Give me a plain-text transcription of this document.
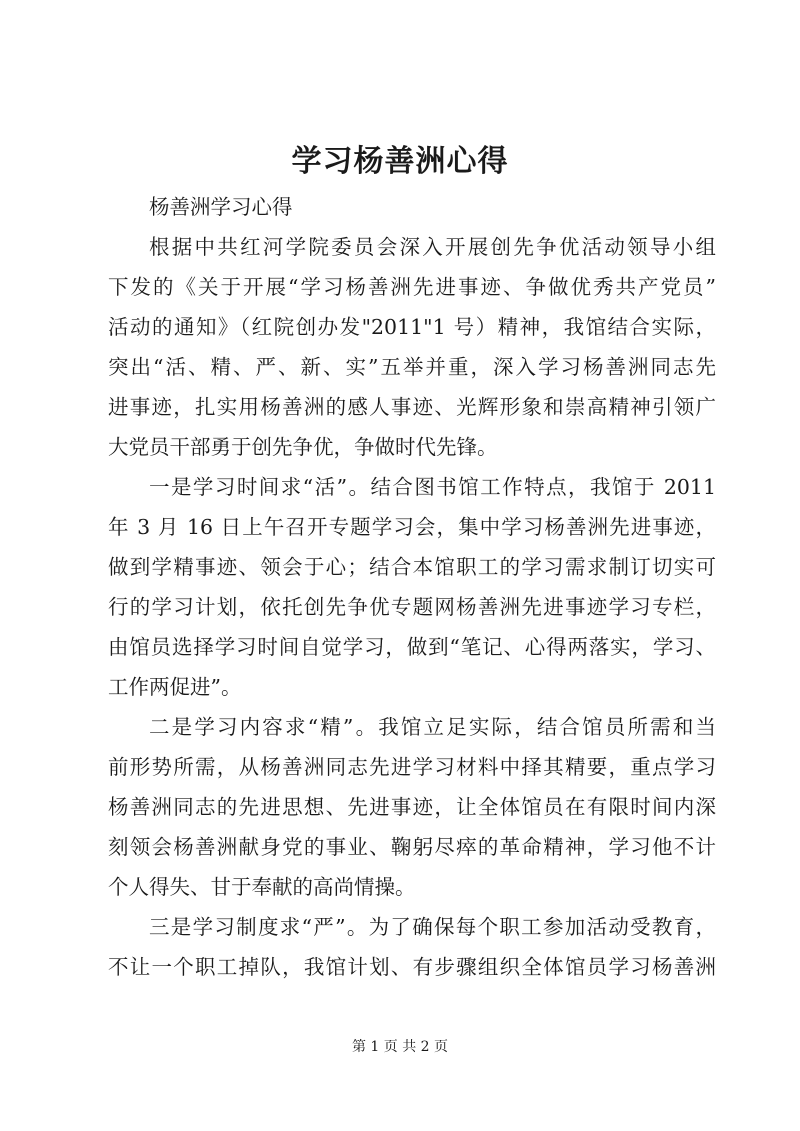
学习杨善洲心得
杨善洲学习心得
根据中共红河学院委员会深入开展创先争优活动领导小组
下发的《关于开展“学习杨善洲先进事迹、争做优秀共产党员”
活动的通知》（红院创办发"2011"1 号）精神，我馆结合实际，
突出“活、精、严、新、实”五举并重，深入学习杨善洲同志先
进事迹，扎实用杨善洲的感人事迹、光辉形象和崇高精神引领广
大党员干部勇于创先争优，争做时代先锋。
一是学习时间求“活”。结合图书馆工作特点，我馆于 2011
年 3 月 16 日上午召开专题学习会，集中学习杨善洲先进事迹，
做到学精事迹、领会于心；结合本馆职工的学习需求制订切实可
行的学习计划，依托创先争优专题网杨善洲先进事迹学习专栏，
由馆员选择学习时间自觉学习，做到“笔记、心得两落实，学习、
工作两促进”。
二是学习内容求“精”。我馆立足实际，结合馆员所需和当
前形势所需，从杨善洲同志先进学习材料中择其精要，重点学习
杨善洲同志的先进思想、先进事迹，让全体馆员在有限时间内深
刻领会杨善洲献身党的事业、鞠躬尽瘁的革命精神，学习他不计
个人得失、甘于奉献的高尚情操。
三是学习制度求“严”。为了确保每个职工参加活动受教育，
不让一个职工掉队，我馆计划、有步骤组织全体馆员学习杨善洲
第 1 页 共 2 页
